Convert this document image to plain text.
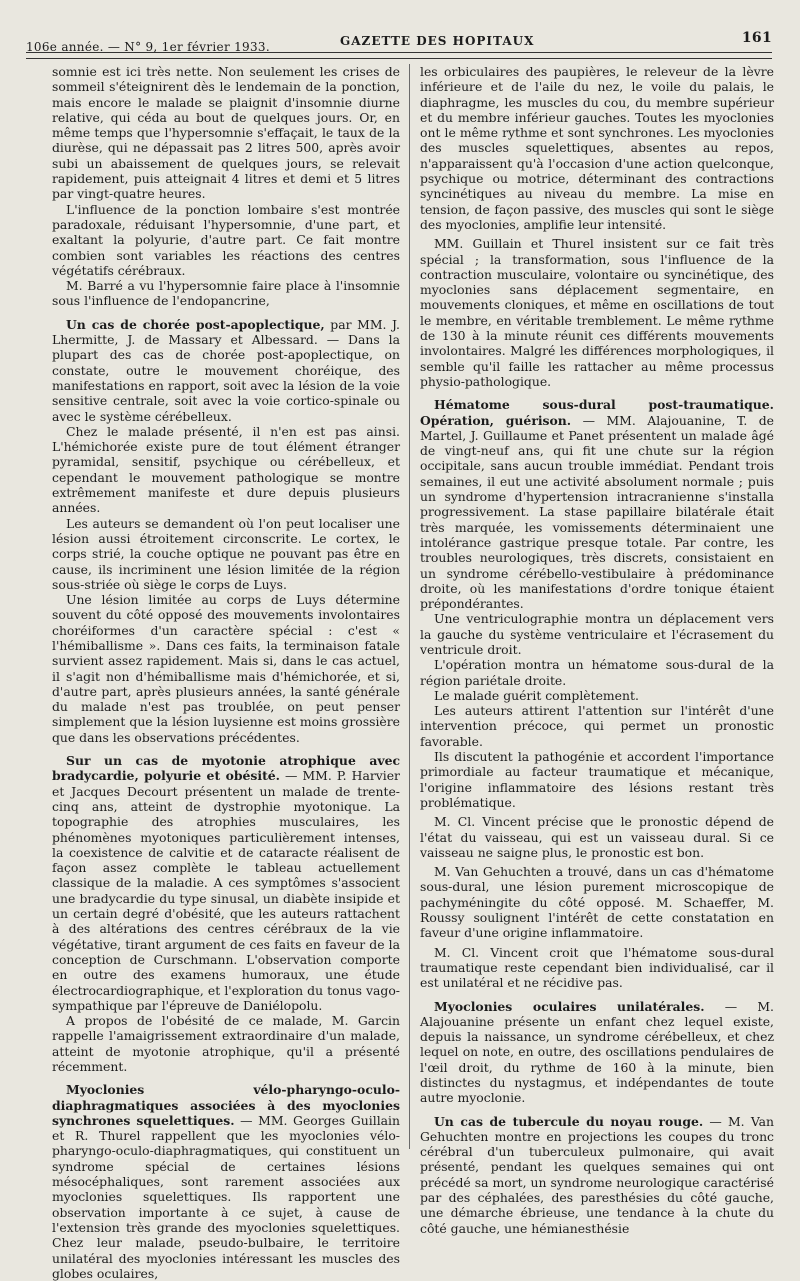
106e année. — N° 9, 1er février 1933.	GAZETTE DES HOPITAUX	161

somnie est ici très nette. Non seulement les crises de sommeil s'éteignirent dès le lendemain de la ponction, mais encore le malade se plaignit d'insomnie diurne relative, qui céda au bout de quelques jours. Or, en même temps que l'hypersomnie s'effaçait, le taux de la diurèse, qui ne dépassait pas 2 litres 500, après avoir subi un abaissement de quelques jours, se relevait rapidement, puis atteignait 4 litres et demi et 5 litres par vingt-quatre heures.

L'influence de la ponction lombaire s'est montrée paradoxale, réduisant l'hypersomnie, d'une part, et exaltant la polyurie, d'autre part. Ce fait montre combien sont variables les réactions des centres végétatifs cérébraux.

M. Barré a vu l'hypersomnie faire place à l'insomnie sous l'influence de l'endopancrine,

Un cas de chorée post-apoplectique, par MM. J. Lhermitte, J. de Massary et Albessard. — Dans la plupart des cas de chorée post-apoplectique, on constate, outre le mouvement choréique, des manifestations en rapport, soit avec la lésion de la voie sensitive centrale, soit avec la voie cortico-spinale ou avec le système cérébelleux.

Chez le malade présenté, il n'en est pas ainsi. L'hémichorée existe pure de tout élément étranger pyramidal, sensitif, psychique ou cérébelleux, et cependant le mouvement pathologique se montre extrêmement manifeste et dure depuis plusieurs années.

Les auteurs se demandent où l'on peut localiser une lésion aussi étroitement circonscrite. Le cortex, le corps strié, la couche optique ne pouvant pas être en cause, ils incriminent une lésion limitée de la région sous-striée où siège le corps de Luys.

Une lésion limitée au corps de Luys détermine souvent du côté opposé des mouvements involontaires choréiformes d'un caractère spécial : c'est « l'hémiballisme ». Dans ces faits, la terminaison fatale survient assez rapidement. Mais si, dans le cas actuel, il s'agit non d'hémiballisme mais d'hémichorée, et si, d'autre part, après plusieurs années, la santé générale du malade n'est pas troublée, on peut penser simplement que la lésion luysienne est moins grossière que dans les observations précédentes.

Sur un cas de myotonie atrophique avec bradycardie, polyurie et obésité. — MM. P. Harvier et Jacques Decourt présentent un malade de trente-cinq ans, atteint de dystrophie myotonique. La topographie des atrophies musculaires, les phénomènes myotoniques particulièrement intenses, la coexistence de calvitie et de cataracte réalisent de façon assez complète le tableau actuellement classique de la maladie. A ces symptômes s'associent une bradycardie du type sinusal, un diabète insipide et un certain degré d'obésité, que les auteurs rattachent à des altérations des centres cérébraux de la vie végétative, tirant argument de ces faits en faveur de la conception de Curschmann. L'observation comporte en outre des examens humoraux, une étude électrocardiographique, et l'exploration du tonus vago-sympathique par l'épreuve de Daniélopolu.

A propos de l'obésité de ce malade, M. Garcin rappelle l'amaigrissement extraordinaire d'un malade, atteint de myotonie atrophique, qu'il a présenté récemment.

Myoclonies vélo-pharyngo-oculo-diaphragmatiques associées à des myoclonies synchrones squelettiques. — MM. Georges Guillain et R. Thurel rappellent que les myoclonies vélo-pharyngo-oculo-diaphragmatiques, qui constituent un syndrome spécial de certaines lésions mésocéphaliques, sont rarement associées aux myoclonies squelettiques. Ils rapportent une observation importante à ce sujet, à cause de l'extension très grande des myoclonies squelettiques. Chez leur malade, pseudo-bulbaire, le territoire unilatéral des myoclonies intéressant les muscles des globes oculaires,

les orbiculaires des paupières, le releveur de la lèvre inférieure et de l'aile du nez, le voile du palais, le diaphragme, les muscles du cou, du membre supérieur et du membre inférieur gauches. Toutes les myoclonies ont le même rythme et sont synchrones. Les myoclonies des muscles squelettiques, absentes au repos, n'apparaissent qu'à l'occasion d'une action quelconque, psychique ou motrice, déterminant des contractions syncinétiques au niveau du membre. La mise en tension, de façon passive, des muscles qui sont le siège des myoclonies, amplifie leur intensité.

MM. Guillain et Thurel insistent sur ce fait très spécial ; la transformation, sous l'influence de la contraction musculaire, volontaire ou syncinétique, des myoclonies sans déplacement segmentaire, en mouvements cloniques, et même en oscillations de tout le membre, en véritable tremblement. Le même rythme de 130 à la minute réunit ces différents mouvements involontaires. Malgré les différences morphologiques, il semble qu'il faille les rattacher au même processus physio-pathologique.

Hématome sous-dural post-traumatique. Opération, guérison. — MM. Alajouanine, T. de Martel, J. Guillaume et Panet présentent un malade âgé de vingt-neuf ans, qui fit une chute sur la région occipitale, sans aucun trouble immédiat. Pendant trois semaines, il eut une activité absolument normale ; puis un syndrome d'hypertension intracranienne s'installa progressivement. La stase papillaire bilatérale était très marquée, les vomissements déterminaient une intolérance gastrique presque totale. Par contre, les troubles neurologiques, très discrets, consistaient en un syndrome cérébello-vestibulaire à prédominance droite, où les manifestations d'ordre tonique étaient prépondérantes.

Une ventriculographie montra un déplacement vers la gauche du système ventriculaire et l'écrasement du ventricule droit.

L'opération montra un hématome sous-dural de la région pariétale droite.

Le malade guérit complètement.

Les auteurs attirent l'attention sur l'intérêt d'une intervention précoce, qui permet un pronostic favorable.

Ils discutent la pathogénie et accordent l'importance primordiale au facteur traumatique et mécanique, l'origine inflammatoire des lésions restant très problématique.

M. Cl. Vincent précise que le pronostic dépend de l'état du vaisseau, qui est un vaisseau dural. Si ce vaisseau ne saigne plus, le pronostic est bon.

M. Van Gehuchten a trouvé, dans un cas d'hématome sous-dural, une lésion purement microscopique de pachyméningite du côté opposé. M. Schaeffer, M. Roussy soulignent l'intérêt de cette constatation en faveur d'une origine inflammatoire.

M. Cl. Vincent croit que l'hématome sous-dural traumatique reste cependant bien individualisé, car il est unilatéral et ne récidive pas.

Myoclonies oculaires unilatérales. — M. Alajouanine présente un enfant chez lequel existe, depuis la naissance, un syndrome cérébelleux, et chez lequel on note, en outre, des oscillations pendulaires de l'œil droit, du rythme de 160 à la minute, bien distinctes du nystagmus, et indépendantes de toute autre myoclonie.

Un cas de tubercule du noyau rouge. — M. Van Gehuchten montre en projections les coupes du tronc cérébral d'un tuberculeux pulmonaire, qui avait présenté, pendant les quelques semaines qui ont précédé sa mort, un syndrome neurologique caractérisé par des céphalées, des paresthésies du côté gauche, une démarche ébrieuse, une tendance à la chute du côté gauche, une hémianesthésie
